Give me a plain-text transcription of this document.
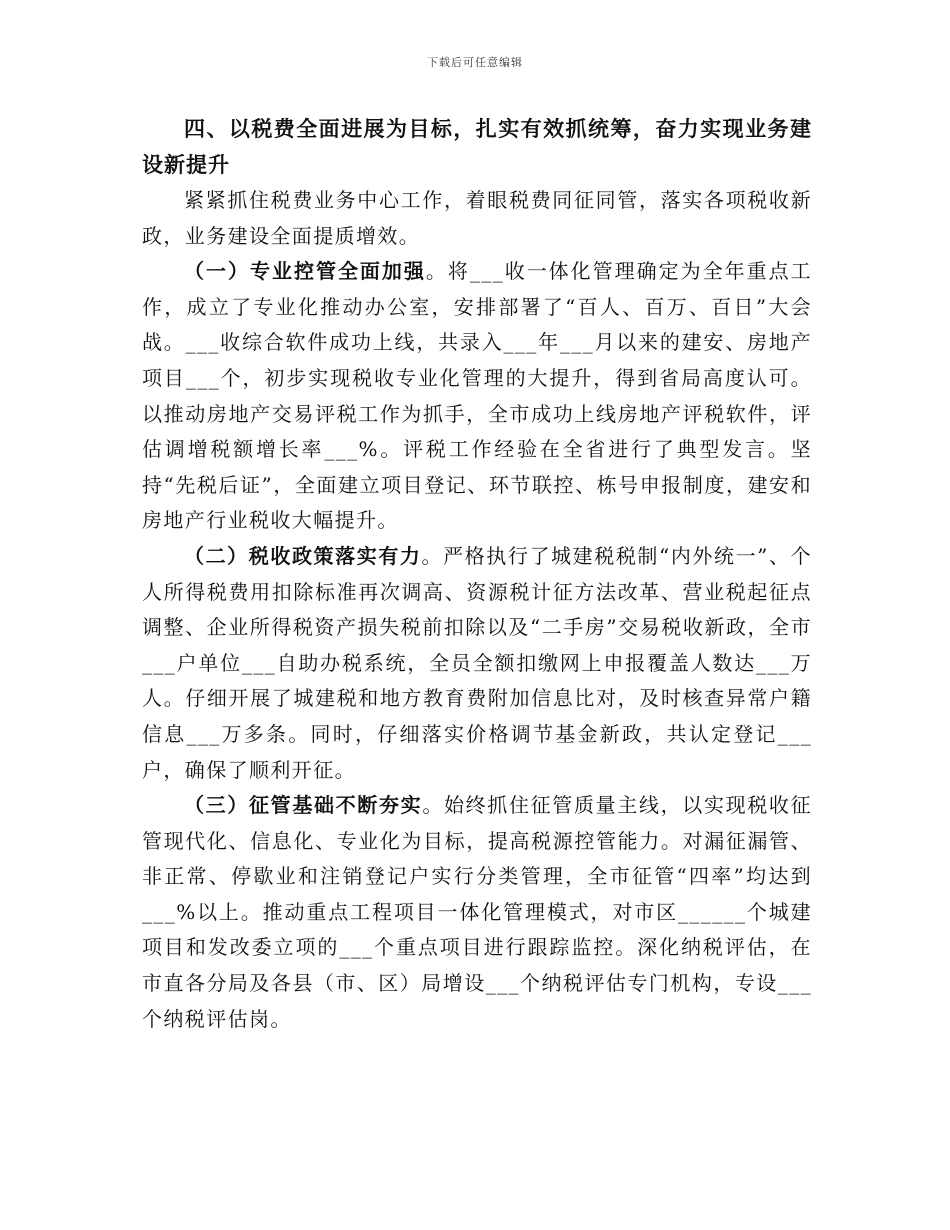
下载后可任意编辑

四、以税费全面进展为目标，扎实有效抓统筹，奋力实现业务建设新提升

紧紧抓住税费业务中心工作，着眼税费同征同管，落实各项税收新政，业务建设全面提质增效。

（一）专业控管全面加强。将___收一体化管理确定为全年重点工作，成立了专业化推动办公室，安排部署了“百人、百万、百日”大会战。___收综合软件成功上线，共录入___年___月以来的建安、房地产项目___个，初步实现税收专业化管理的大提升，得到省局高度认可。以推动房地产交易评税工作为抓手，全市成功上线房地产评税软件，评估调增税额增长率___%。评税工作经验在全省进行了典型发言。坚持“先税后证”，全面建立项目登记、环节联控、栋号申报制度，建安和房地产行业税收大幅提升。

（二）税收政策落实有力。严格执行了城建税税制“内外统一”、个人所得税费用扣除标准再次调高、资源税计征方法改革、营业税起征点调整、企业所得税资产损失税前扣除以及“二手房”交易税收新政，全市___户单位___自助办税系统，全员全额扣缴网上申报覆盖人数达___万人。仔细开展了城建税和地方教育费附加信息比对，及时核查异常户籍信息___万多条。同时，仔细落实价格调节基金新政，共认定登记___户，确保了顺利开征。

（三）征管基础不断夯实。始终抓住征管质量主线，以实现税收征管现代化、信息化、专业化为目标，提高税源控管能力。对漏征漏管、非正常、停歇业和注销登记户实行分类管理，全市征管“四率”均达到___%以上。推动重点工程项目一体化管理模式，对市区______个城建项目和发改委立项的___个重点项目进行跟踪监控。深化纳税评估，在市直各分局及各县（市、区）局增设___个纳税评估专门机构，专设___个纳税评估岗。
